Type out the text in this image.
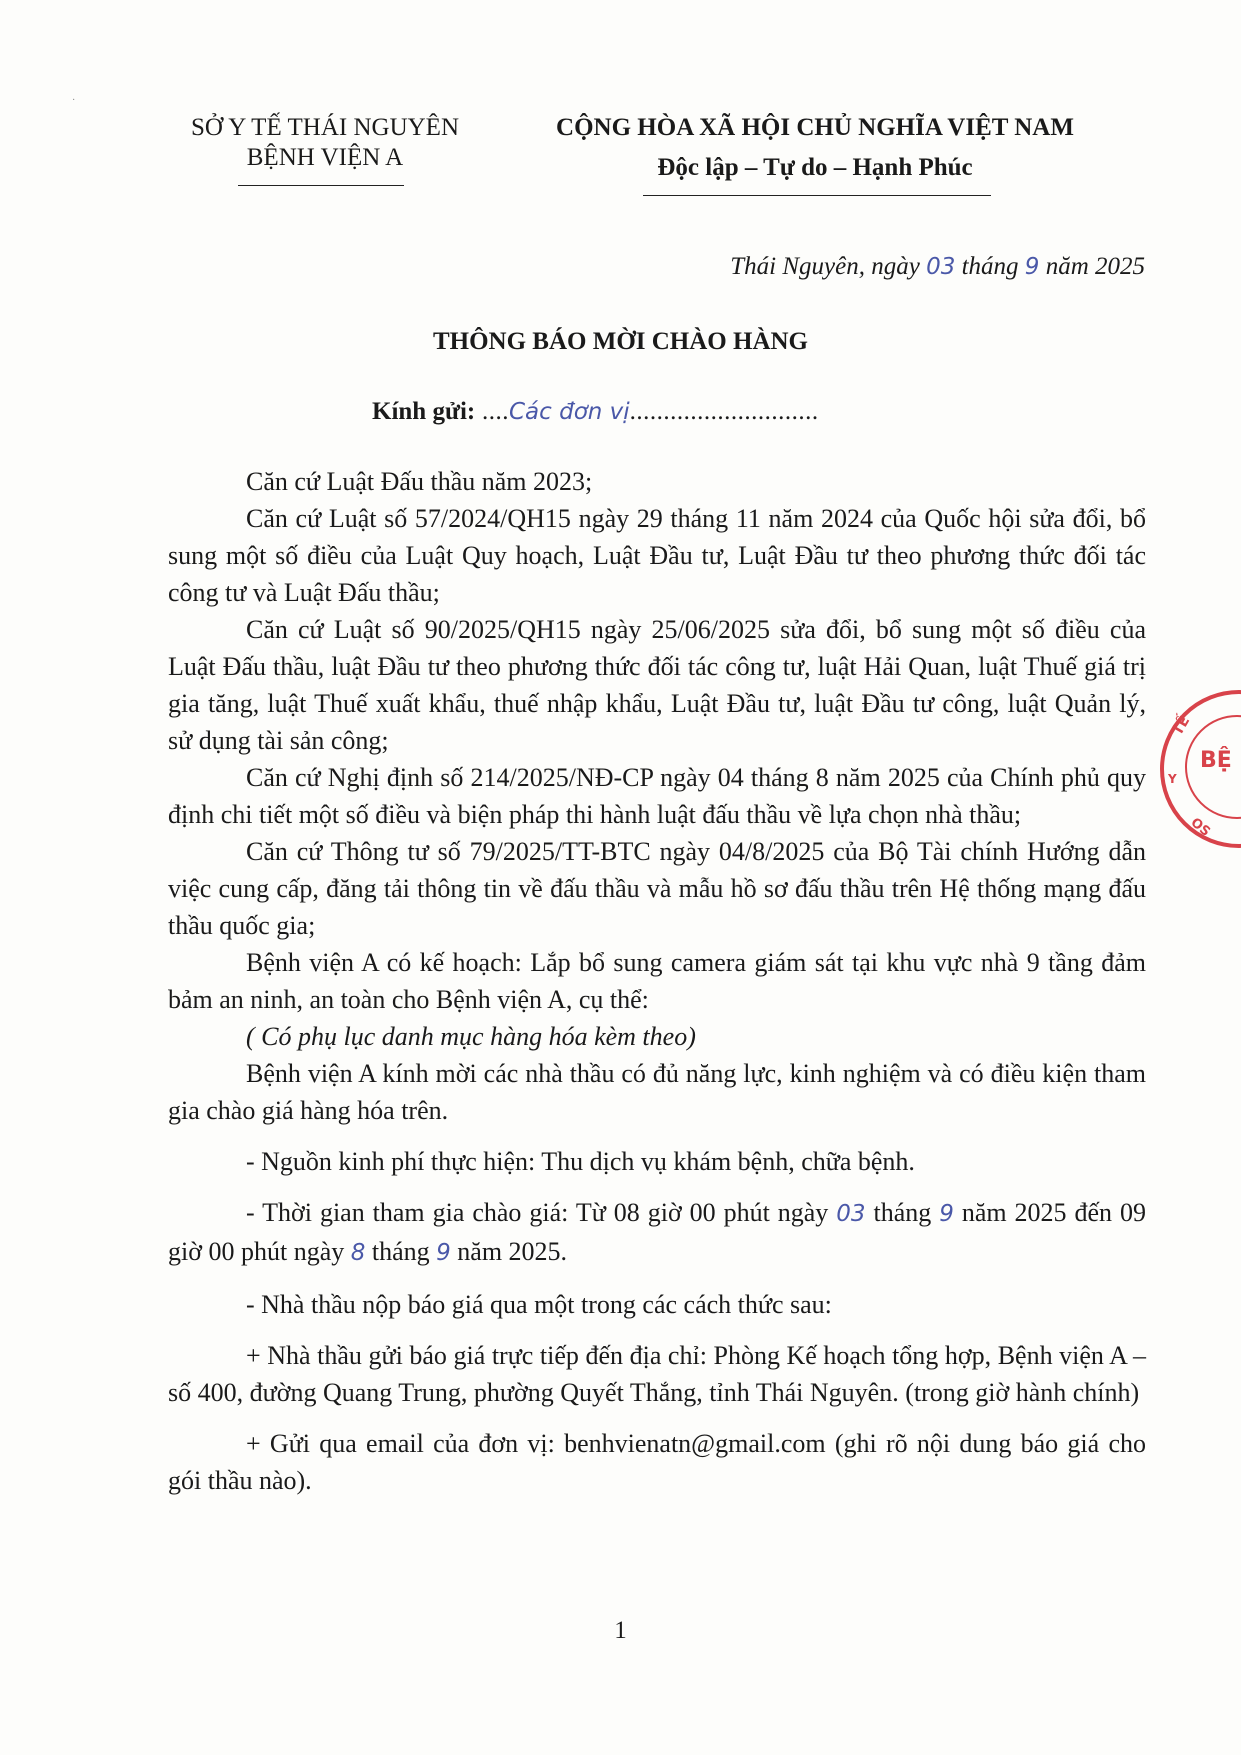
·
SỞ Y TẾ THÁI NGUYÊN
BỆNH VIỆN A
CỘNG HÒA XÃ HỘI CHỦ NGHĨA VIỆT NAM
Độc lập – Tự do – Hạnh Phúc
Thái Nguyên, ngày 03 tháng 9 năm 2025
THÔNG BÁO MỜI CHÀO HÀNG
Kính gửi: ....Các đơn vị............................

Căn cứ Luật Đấu thầu năm 2023;

Căn cứ Luật số 57/2024/QH15 ngày 29 tháng 11 năm 2024 của Quốc hội sửa đổi, bổ sung một số điều của Luật Quy hoạch, Luật Đầu tư, Luật Đầu tư theo phương thức đối tác công tư và Luật Đấu thầu;

Căn cứ Luật số 90/2025/QH15 ngày 25/06/2025 sửa đổi, bổ sung một số điều của Luật Đấu thầu, luật Đầu tư theo phương thức đối tác công tư, luật Hải Quan, luật Thuế giá trị gia tăng, luật Thuế xuất khẩu, thuế nhập khẩu, Luật Đầu tư, luật Đầu tư công, luật Quản lý, sử dụng tài sản công;

Căn cứ Nghị định số 214/2025/NĐ-CP ngày 04 tháng 8 năm 2025 của Chính phủ quy định chi tiết một số điều và biện pháp thi hành luật đấu thầu về lựa chọn nhà thầu;

Căn cứ Thông tư số 79/2025/TT-BTC ngày 04/8/2025 của Bộ Tài chính Hướng dẫn việc cung cấp, đăng tải thông tin về đấu thầu và mẫu hồ sơ đấu thầu trên Hệ thống mạng đấu thầu quốc gia;

Bệnh viện A có kế hoạch: Lắp bổ sung camera giám sát tại khu vực nhà 9 tầng đảm bảm an ninh, an toàn cho Bệnh viện A, cụ thể:

( Có phụ lục danh mục hàng hóa kèm theo)

Bệnh viện A kính mời các nhà thầu có đủ năng lực, kinh nghiệm và có điều kiện tham gia chào giá hàng hóa trên.

- Nguồn kinh phí thực hiện: Thu dịch vụ khám bệnh, chữa bệnh.

- Thời gian tham gia chào giá: Từ 08 giờ 00 phút ngày 03 tháng 9 năm 2025 đến 09 giờ 00 phút ngày 8 tháng 9 năm 2025.

- Nhà thầu nộp báo giá qua một trong các cách thức sau:

+ Nhà thầu gửi báo giá trực tiếp đến địa chỉ: Phòng Kế hoạch tổng hợp, Bệnh viện A – số 400, đường Quang Trung, phường Quyết Thắng, tỉnh Thái Nguyên. (trong giờ hành chính)

+ Gửi qua email của đơn vị: benhvienatn@gmail.com (ghi rõ nội dung báo giá cho gói thầu nào).

TẾ
BỆ
Y
OS
1
